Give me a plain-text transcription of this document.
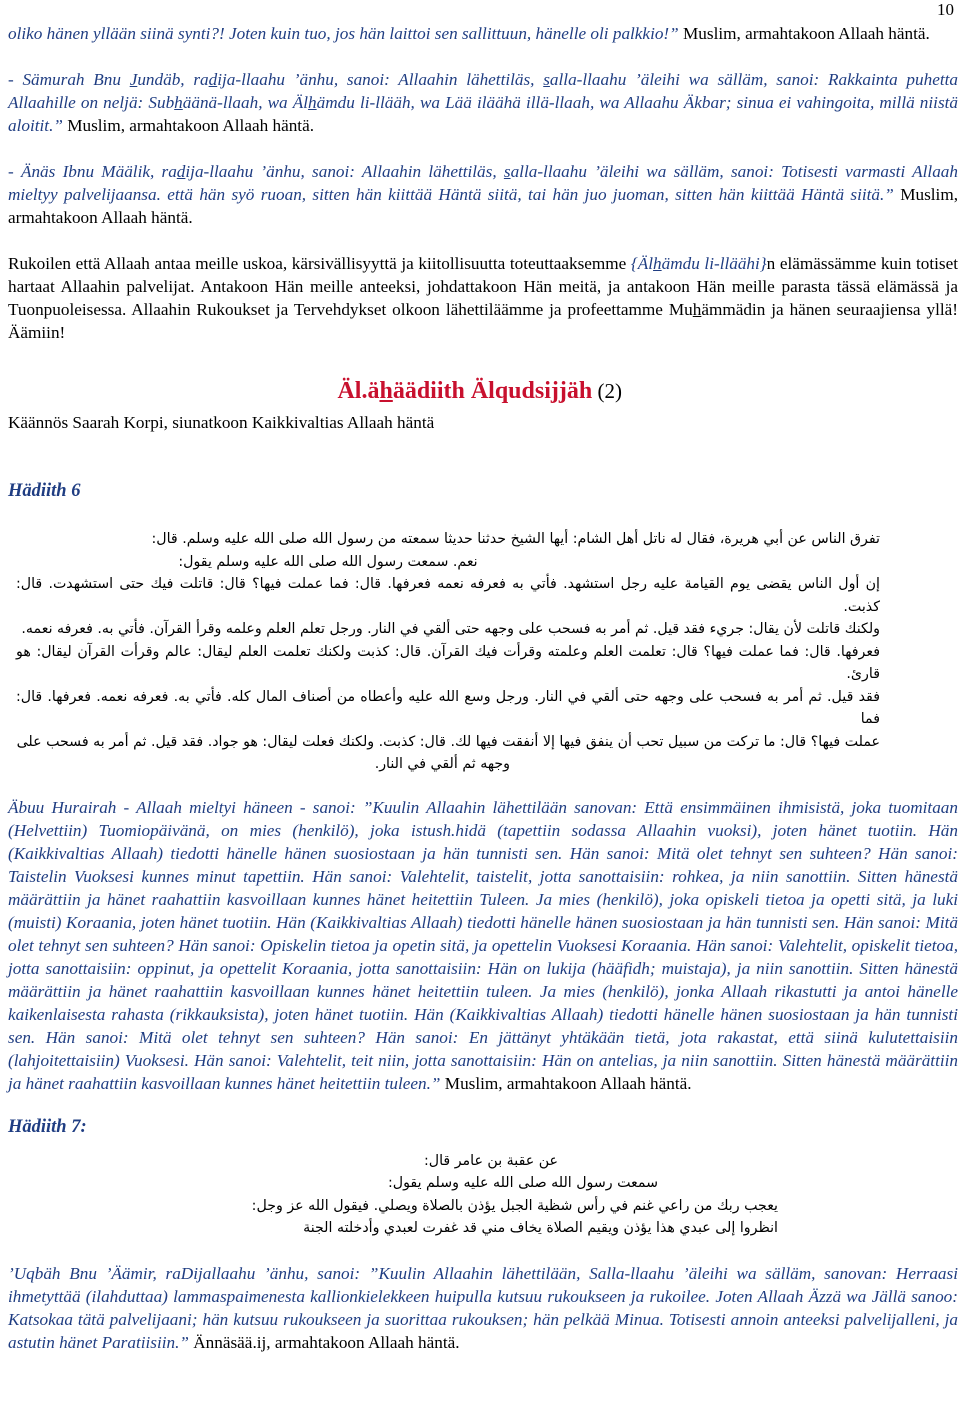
10

oliko hänen yllään siinä synti?! Joten kuin tuo, jos hän laittoi sen sallittuun, hänelle oli palkkio!” Muslim, armahtakoon Allaah häntä.

- Sämurah Bnu Jundäb, radija-llaahu ’änhu, sanoi: Allaahin lähettiläs, salla-llaahu ’äleihi wa sälläm, sanoi: Rakkainta puhetta Allaahille on neljä: Subhäänä-llaah, wa Älhämdu li-llääh, wa Lää iläähä illä-llaah, wa Allaahu Äkbar; sinua ei vahingoita, millä niistä aloitit.” Muslim, armahtakoon Allaah häntä.

- Änäs Ibnu Määlik, radija-llaahu ’änhu, sanoi: Allaahin lähettiläs, salla-llaahu ’äleihi wa sälläm, sanoi: Totisesti varmasti Allaah mieltyy palvelijaansa. että hän syö ruoan, sitten hän kiittää Häntä siitä, tai hän juo juoman, sitten hän kiittää Häntä siitä.” Muslim, armahtakoon Allaah häntä.

Rukoilen että Allaah antaa meille uskoa, kärsivällisyyttä ja kiitollisuutta toteuttaaksemme {Älhämdu li-lläähi}n elämässämme kuin totiset hartaat Allaahin palvelijat. Antakoon Hän meille anteeksi, johdattakoon Hän meitä, ja antakoon Hän meille parasta tässä elämässä ja Tuonpuoleisessa. Allaahin Rukoukset ja Tervehdykset olkoon lähettiläämme ja profeettamme Muhämmädin ja hänen seuraajiensa yllä! Äämiin!

Äl.ähäädiith Älqudsijjäh (2)
Käännös Saarah Korpi, siunatkoon Kaikkivaltias Allaah häntä
Hädiith 6
تفرق الناس عن أبي هريرة، فقال له ناتل أهل الشام: أيها الشيخ حدثنا حديثا سمعته من رسول الله صلى الله عليه وسلم. قال:
نعم. سمعت رسول الله صلى الله عليه وسلم يقول:
إن أول الناس يقضى يوم القيامة عليه رجل استشهد. فأتي به فعرفه نعمه فعرفها. قال: فما عملت فيها؟ قال: قاتلت فيك حتى استشهدت. قال: كذبت.
ولكنك قاتلت لأن يقال: جريء فقد قيل. ثم أمر به فسحب على وجهه حتى ألقي في النار. ورجل تعلم العلم وعلمه وقرأ القرآن. فأتي به. فعرفه نعمه.
فعرفها. قال: فما عملت فيها؟ قال: تعلمت العلم وعلمته وقرأت فيك القرآن. قال: كذبت ولكنك تعلمت العلم ليقال: عالم وقرأت القرآن ليقال: هو قارئ.
فقد قيل. ثم أمر به فسحب على وجهه حتى ألقي في النار. ورجل وسع الله عليه وأعطاه من أصناف المال كله. فأتي به. فعرفه نعمه. فعرفها. قال: فما
عملت فيها؟ قال: ما تركت من سبيل تحب أن ينفق فيها إلا أنفقت فيها لك. قال: كذبت. ولكنك فعلت ليقال: هو جواد. فقد قيل. ثم أمر به فسحب على
وجهه ثم ألقي في النار.

Äbuu Hurairah - Allaah mieltyi häneen - sanoi: ”Kuulin Allaahin lähettilään sanovan: Että ensimmäinen ihmisistä, joka tuomitaan (Helvettiin) Tuomiopäivänä, on mies (henkilö), joka istush.hidä (tapettiin sodassa Allaahin vuoksi), joten hänet tuotiin. Hän (Kaikkivaltias Allaah) tiedotti hänelle hänen suosiostaan ja hän tunnisti sen. Hän sanoi: Mitä olet tehnyt sen suhteen? Hän sanoi: Taistelin Vuoksesi kunnes minut tapettiin. Hän sanoi: Valehtelit, taistelit, jotta sanottaisiin: rohkea, ja niin sanottiin. Sitten hänestä määrättiin ja hänet raahattiin kasvoillaan kunnes hänet heitettiin Tuleen. Ja mies (henkilö), joka opiskeli tietoa ja opetti sitä, ja luki (muisti) Koraania, joten hänet tuotiin. Hän (Kaikkivaltias Allaah) tiedotti hänelle hänen suosiostaan ja hän tunnisti sen. Hän sanoi: Mitä olet tehnyt sen suhteen? Hän sanoi: Opiskelin tietoa ja opetin sitä, ja opettelin Vuoksesi Koraania. Hän sanoi: Valehtelit, opiskelit tietoa, jotta sanottaisiin: oppinut, ja opettelit Koraania, jotta sanottaisiin: Hän on lukija (hääfidh; muistaja), ja niin sanottiin. Sitten hänestä määrättiin ja hänet raahattiin kasvoillaan kunnes hänet heitettiin tuleen. Ja mies (henkilö), jonka Allaah rikastutti ja antoi hänelle kaikenlaisesta rahasta (rikkauksista), joten hänet tuotiin. Hän (Kaikkivaltias Allaah) tiedotti hänelle hänen suosiostaan ja hän tunnisti sen. Hän sanoi: Mitä olet tehnyt sen suhteen? Hän sanoi: En jättänyt yhtäkään tietä, jota rakastat, että siinä kulutettaisiin (lahjoitettaisiin) Vuoksesi. Hän sanoi: Valehtelit, teit niin, jotta sanottaisiin: Hän on antelias, ja niin sanottiin. Sitten hänestä määrättiin ja hänet raahattiin kasvoillaan kunnes hänet heitettiin tuleen.” Muslim, armahtakoon Allaah häntä.

Hädiith 7:
عن عقبة بن عامر قال:
سمعت رسول الله صلى الله عليه وسلم يقول:
يعجب ربك من راعي غنم في رأس شظية الجبل يؤذن بالصلاة ويصلي. فيقول الله عز وجل:
انظروا إلى عبدي هذا يؤذن ويقيم الصلاة يخاف مني قد غفرت لعبدي وأدخلته الجنة

’Uqbäh Bnu ’Äämir, raDijallaahu ’änhu, sanoi: ”Kuulin Allaahin lähettilään, Salla-llaahu ’äleihi wa sälläm, sanovan: Herraasi ihmetyttää (ilahduttaa) lammaspaimenesta kallionkielekkeen huipulla kutsuu rukoukseen ja rukoilee. Joten Allaah Äzzä wa Jällä sanoo: Katsokaa tätä palvelijaani; hän kutsuu rukoukseen ja suorittaa rukouksen; hän pelkää Minua. Totisesti annoin anteeksi palvelijalleni, ja astutin hänet Paratiisiin.” Ännäsää.ij, armahtakoon Allaah häntä.
